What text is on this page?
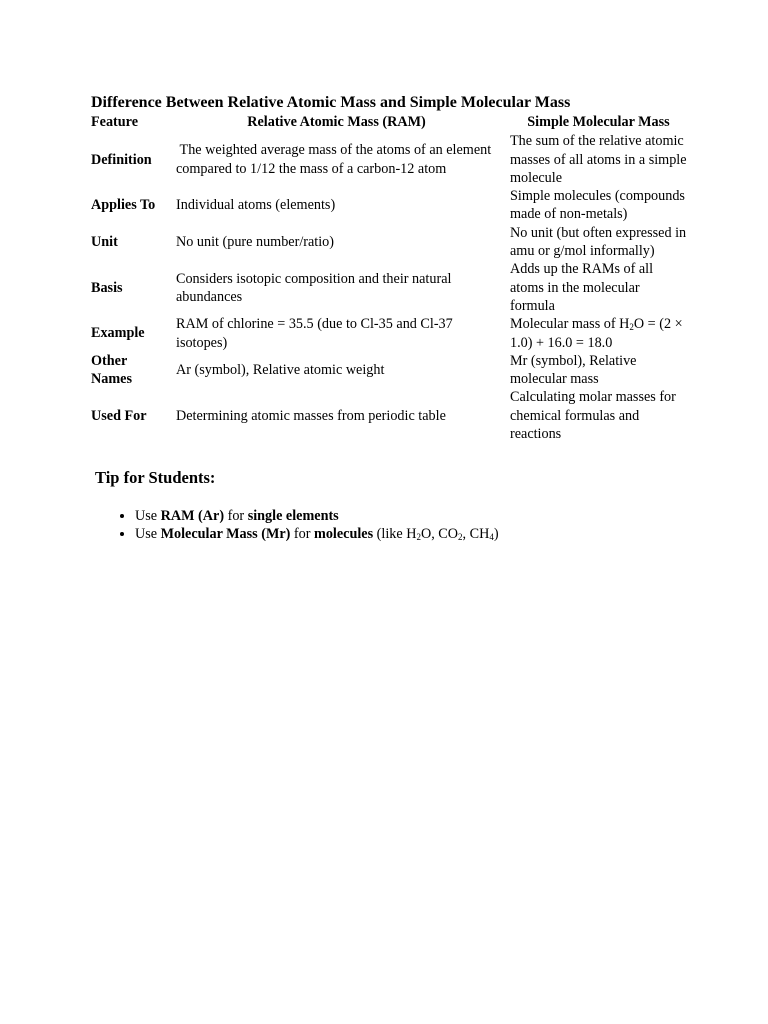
Difference Between Relative Atomic Mass and Simple Molecular Mass
Feature	Relative Atomic Mass (RAM)	Simple Molecular Mass
Definition	The weighted average mass of the atoms of an element compared to 1/12 the mass of a carbon-12 atom	The sum of the relative atomic masses of all atoms in a simple molecule
Applies To	Individual atoms (elements)	Simple molecules (compounds made of non-metals)
Unit	No unit (pure number/ratio)	No unit (but often expressed in amu or g/mol informally)
Basis	Considers isotopic composition and their natural abundances	Adds up the RAMs of all atoms in the molecular formula
Example	RAM of chlorine = 35.5 (due to Cl-35 and Cl-37 isotopes)	Molecular mass of $H_2O = (2 \times 1.0) + 16.0 = 18.0$
Other Names	Ar (symbol), Relative atomic weight	Mr (symbol), Relative molecular mass
Used For	Determining atomic masses from periodic table	Calculating molar masses for chemical formulas and reactions
Tip for Students:
• Use RAM (Ar) for single elements
• Use Molecular Mass (Mr) for molecules (like $H_2O$, $CO_2$, $CH_4$)
